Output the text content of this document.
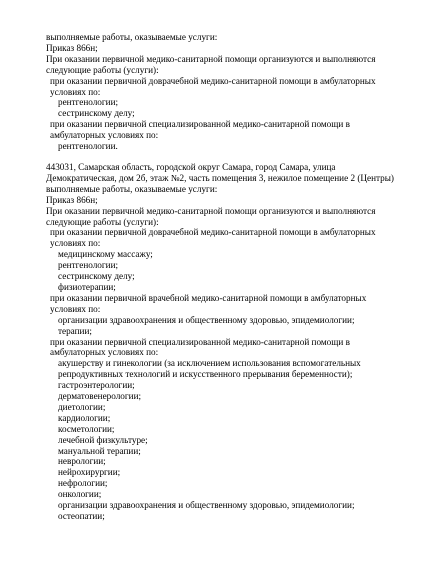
выполняемые работы, оказываемые услуги:

Приказ 866н;

При оказании первичной медико-санитарной помощи организуются и выполняются следующие работы (услуги):

при оказании первичной доврачебной медико-санитарной помощи в амбулаторных условиях по:

рентгенологии;

сестринскому делу;

при оказании первичной специализированной медико-санитарной помощи в амбулаторных условиях по:

рентгенологии.

443031, Самарская область, городской округ Самара, город Самара, улица Демократическая, дом 2б, этаж №2, часть помещения 3, нежилое помещение 2 (Центры)

выполняемые работы, оказываемые услуги:

Приказ 866н;

При оказании первичной медико-санитарной помощи организуются и выполняются следующие работы (услуги):

при оказании первичной доврачебной медико-санитарной помощи в амбулаторных условиях по:

медицинскому массажу;

рентгенологии;

сестринскому делу;

физиотерапии;

при оказании первичной врачебной медико-санитарной помощи в амбулаторных условиях по:

организации здравоохранения и общественному здоровью, эпидемиологии;

терапии;

при оказании первичной специализированной медико-санитарной помощи в амбулаторных условиях по:

акушерству и гинекологии (за исключением использования вспомогательных репродуктивных технологий и искусственного прерывания беременности);

гастроэнтерологии;

дерматовенерологии;

диетологии;

кардиологии;

косметологии;

лечебной физкультуре;

мануальной терапии;

неврологии;

нейрохирургии;

нефрологии;

онкологии;

организации здравоохранения и общественному здоровью, эпидемиологии;

остеопатии;
